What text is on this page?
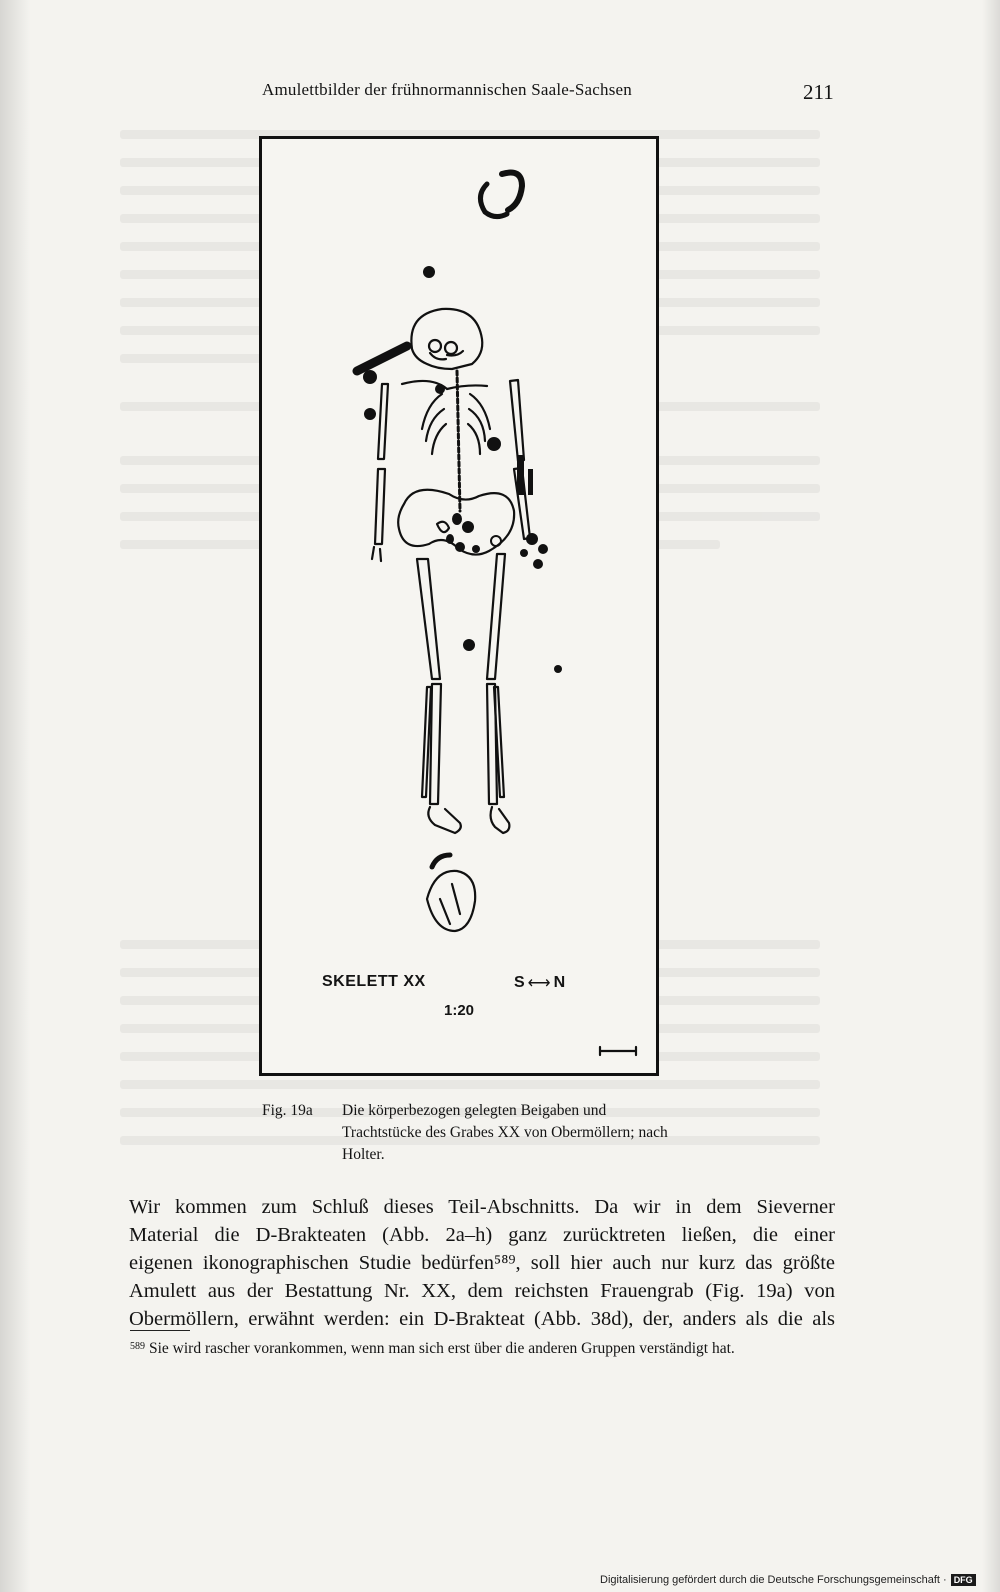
Amulettbilder der frühnormannischen Saale-Sachsen	211
SKELETT XX	S ⟷ N
1:20
Fig. 19a Die körperbezogen gelegten Beigaben und Trachtstücke des Grabes XX von Obermöllern; nach Holter.
Wir kommen zum Schluß dieses Teil-Abschnitts. Da wir in dem Sieverner
Material die D-Brakteaten (Abb. 2a–h) ganz zurücktreten ließen, die einer
eigenen ikonographischen Studie bedürfen⁵⁸⁹, soll hier auch nur kurz das größte
Amulett aus der Bestattung Nr. XX, dem reichsten Frauengrab (Fig. 19a) von
Obermöllern, erwähnt werden: ein D-Brakteat (Abb. 38d), der, anders als die als
$^{589}$ Sie wird rascher vorankommen, wenn man sich erst über die anderen Gruppen verständigt hat.
Digitalisierung gefördert durch die Deutsche Forschungsgemeinschaft · DFG
